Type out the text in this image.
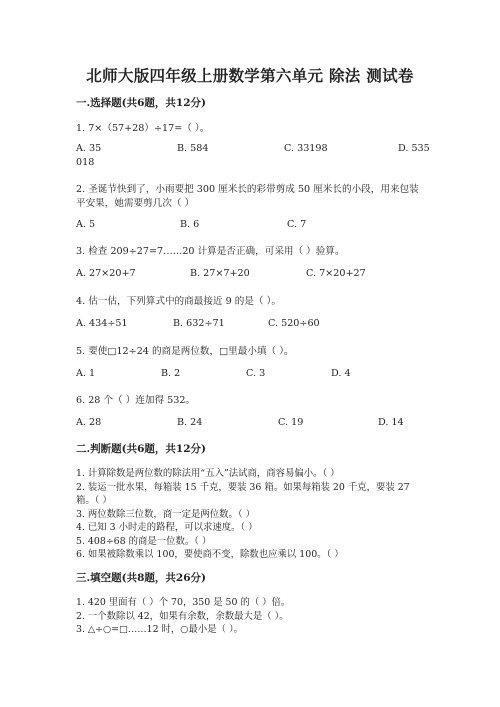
北师大版四年级上册数学第六单元 除法 测试卷
一.选择题(共6题，共12分)
1. 7×（57+28）÷17=（ ）。
A. 35	B. 584	C. 33198	D. 535
018
2. 圣诞节快到了，小雨要把 300 厘米长的彩带剪成 50 厘米长的小段，用来包装
平安果，她需要剪几次（ ）
A. 5	B. 6	C. 7
3. 检查 209÷27=7……20 计算是否正确，可采用（ ）验算。
A. 27×20+7	B. 27×7+20	C. 7×20+27
4. 估一估，下列算式中的商最接近 9 的是（ ）。
A. 434÷51	B. 632÷71	C. 520÷60
5. 要使□12÷24 的商是两位数，□里最小填（ ）。
A. 1	B. 2	C. 3	D. 4
6. 28 个（ ）连加得 532。
A. 28	B. 24	C. 19	D. 14
二.判断题(共6题，共12分)
1. 计算除数是两位数的除法用“五入”法试商，商容易偏小。（ ）
2. 装运一批水果，每箱装 15 千克，要装 36 箱。如果每箱装 20 千克，要装 27
箱。（ ）
3. 两位数除三位数，商一定是两位数。（ ）
4. 已知 3 小时走的路程，可以求速度。（ ）
5. 408÷68 的商是一位数。（ ）
6. 如果被除数乘以 100，要使商不变，除数也应乘以 100。（ ）
三.填空题(共8题，共26分)
1. 420 里面有（ ）个 70，350 是 50 的（ ）倍。
2. 一个数除以 42，如果有余数，余数最大是（ ）。
3. △÷○=□……12 时，○最小是（ ）。
